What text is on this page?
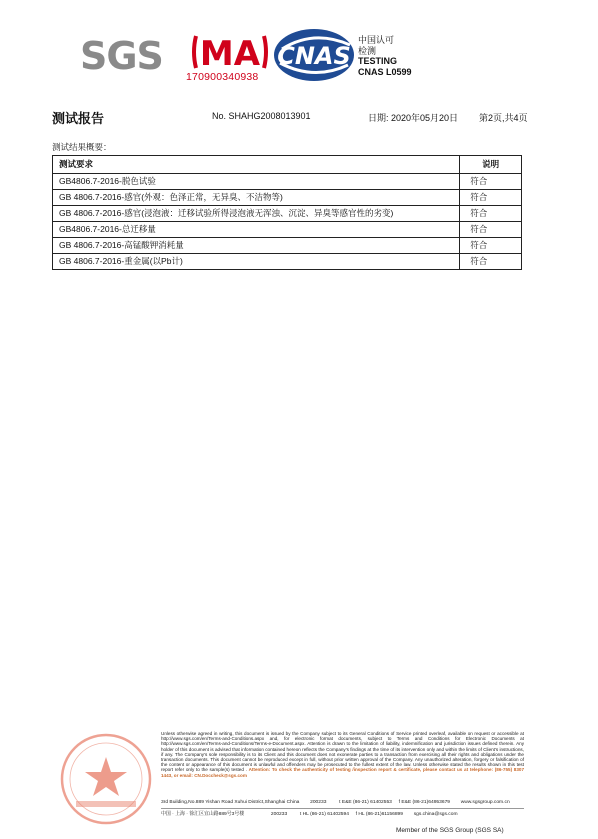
SGS MA
170900340938
CNAS
中国认可
检测
TESTING
CNAS L0599
测试报告	No. SHAHG2008013901	日期: 2020年05月20日 第2页,共4页
测试结果概要：
测试要求	说明
GB4806.7-2016-脱色试验	符合
GB 4806.7-2016-感官(外观：色泽正常，无异臭、不洁物等)	符合
GB 4806.7-2016-感官(浸泡液：迁移试验所得浸泡液无浑浊、沉淀、异臭等感官性的劣变)	符合
GB4806.7-2016-总迁移量	符合
GB 4806.7-2016-高锰酸钾消耗量	符合
GB 4806.7-2016-重金属(以Pb计)	符合
Unless otherwise agreed in writing, this document is issued by the Company subject to its General Conditions of Service printed overleaf, available on request or accessible at http://www.sgs.com/en/Terms-and-Conditions.aspx and, for electronic format documents, subject to Terms and Conditions for Electronic Documents at http://www.sgs.com/en/Terms-and-Conditions/Terms-e-Document.aspx. Attention is drawn to the limitation of liability, indemnification and jurisdiction issues defined therein. Any holder of this document is advised that information contained hereon reflects the Company's findings at the time of its intervention only and within the limits of Client's instructions, if any. The Company's sole responsibility is to its Client and this document does not exonerate parties to a transaction from exercising all their rights and obligations under the transaction documents. This document cannot be reproduced except in full, without prior written approval of the Company. Any unauthorized alteration, forgery or falsification of the content or appearance of this document is unlawful and offenders may be prosecuted to the fullest extent of the law. Unless otherwise stated the results shown in this test report refer only to the sample(s) tested . Attention: To check the authenticity of testing /inspection report & certificate, please contact us at telephone: (86-755) 8307 1443, or email: CN.Doccheck@sgs.com
3rd Building,No.889 Yishan Road Xuhui District,Shanghai China 200233	t E&E (86-21) 61402553 f E&E (86-21)64953679 www.sgsgroup.com.cn
中国 · 上海 · 徐汇区宜山路889号3号楼	200233	t HL (86-21) 61402594 f HL (86-21)61156899 sgs.china@sgs.com
Member of the SGS Group (SGS SA)
